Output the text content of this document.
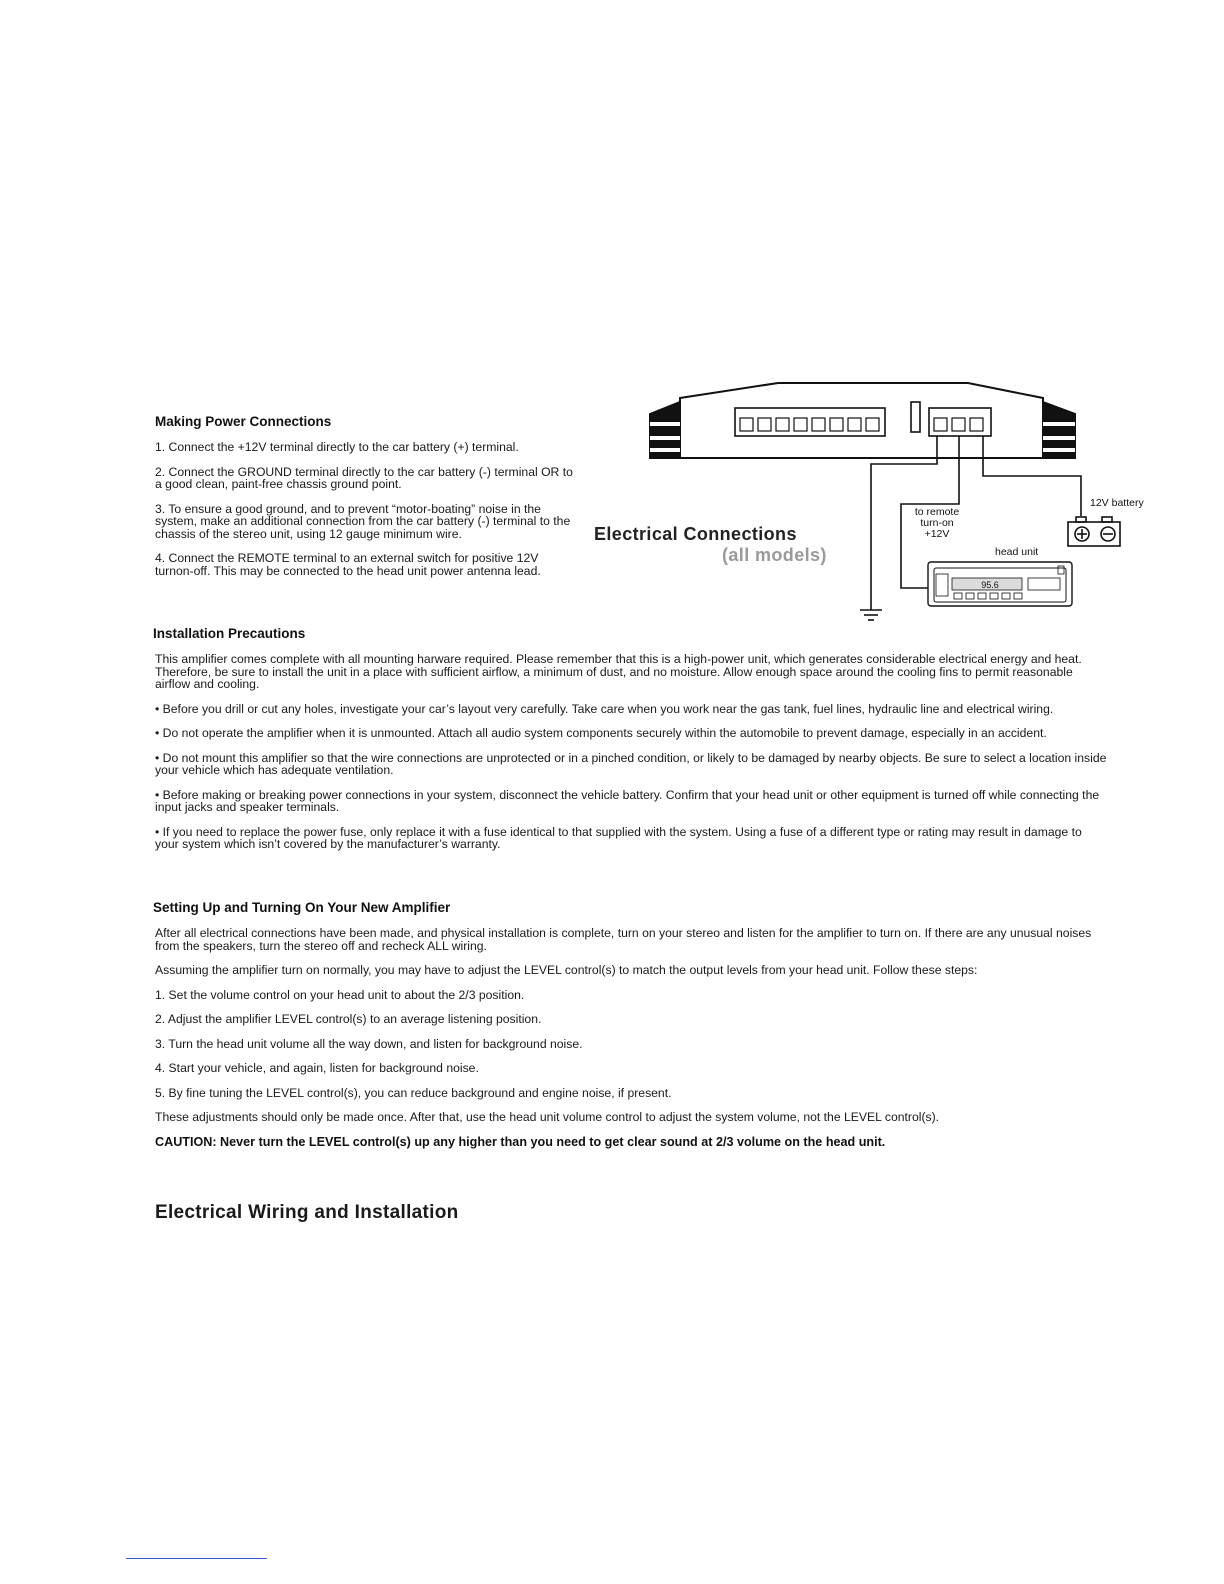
Making Power Connections

1. Connect the +12V terminal directly to the car battery (+) terminal.

2. Connect the GROUND terminal directly to the car battery (-) terminal OR to a good clean, paint-free chassis ground point.

3. To ensure a good ground, and to prevent “motor-boating” noise in the system, make an additional connection from the car battery (-) terminal to the chassis of the stereo unit, using 12 gauge minimum wire.

4. Connect the REMOTE terminal to an external switch for positive 12V turnon-off. This may be connected to the head unit power antenna lead.

95.6
Electrical Connections
(all models)
12V battery
to remote
turn-on
+12V
head unit
Installation Precautions

This amplifier comes complete with all mounting harware required. Please remember that this is a high-power unit, which generates considerable electrical energy and heat. Therefore, be sure to install the unit in a place with sufficient airflow, a minimum of dust, and no moisture. Allow enough space around the cooling fins to permit reasonable airflow and cooling.

• Before you drill or cut any holes, investigate your car’s layout very carefully. Take care when you work near the gas tank, fuel lines, hydraulic line and electrical wiring.

• Do not operate the amplifier when it is unmounted. Attach all audio system components securely within the automobile to prevent damage, especially in an accident.

• Do not mount this amplifier so that the wire connections are unprotected or in a pinched condition, or likely to be damaged by nearby objects. Be sure to select a location inside your vehicle which has adequate ventilation.

• Before making or breaking power connections in your system, disconnect the vehicle battery. Confirm that your head unit or other equipment is turned off while connecting the input jacks and speaker terminals.

• If you need to replace the power fuse, only replace it with a fuse identical to that supplied with the system. Using a fuse of a different type or rating may result in damage to your system which isn’t covered by the manufacturer’s warranty.

Setting Up and Turning On Your New Amplifier

After all electrical connections have been made, and physical installation is complete, turn on your stereo and listen for the amplifier to turn on. If there are any unusual noises from the speakers, turn the stereo off and recheck ALL wiring.

Assuming the amplifier turn on normally, you may have to adjust the LEVEL control(s) to match the output levels from your head unit. Follow these steps:

1. Set the volume control on your head unit to about the 2/3 position.

2. Adjust the amplifier LEVEL control(s) to an average listening position.

3. Turn the head unit volume all the way down, and listen for background noise.

4. Start your vehicle, and again, listen for background noise.

5. By fine tuning the LEVEL control(s), you can reduce background and engine noise, if present.

These adjustments should only be made once. After that, use the head unit volume control to adjust the system volume, not the LEVEL control(s).

CAUTION: Never turn the LEVEL control(s) up any higher than you need to get clear sound at 2/3 volume on the head unit.

Electrical Wiring and Installation
